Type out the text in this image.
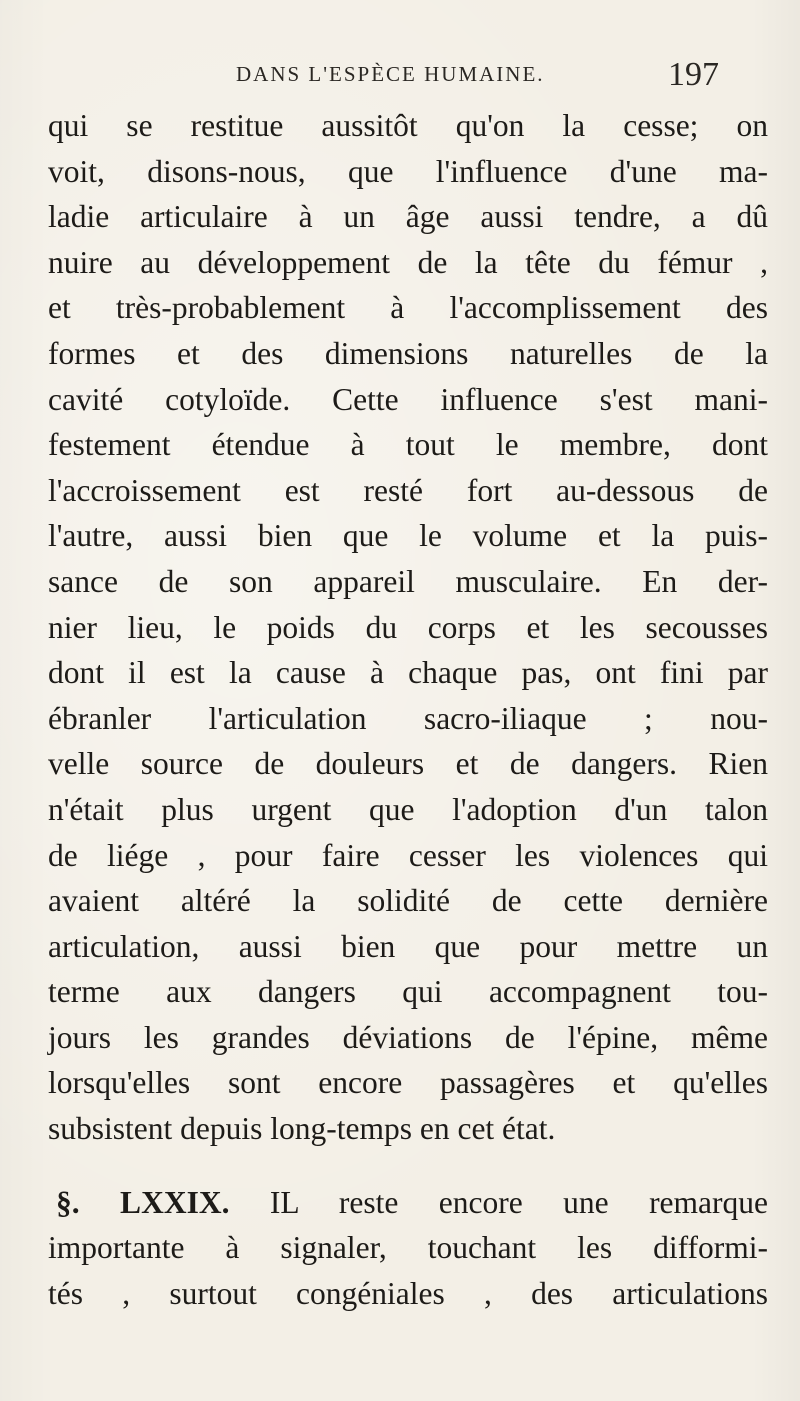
DANS L'ESPÈCE HUMAINE.	197
qui se restitue aussitôt qu'on la cesse; on
voit, disons-nous, que l'influence d'une ma-
ladie articulaire à un âge aussi tendre, a dû
nuire au développement de la tête du fémur ,
et très-probablement à l'accomplissement des
formes et des dimensions naturelles de la
cavité cotyloïde. Cette influence s'est mani-
festement étendue à tout le membre, dont
l'accroissement est resté fort au-dessous de
l'autre, aussi bien que le volume et la puis-
sance de son appareil musculaire. En der-
nier lieu, le poids du corps et les secousses
dont il est la cause à chaque pas, ont fini par
ébranler l'articulation sacro-iliaque ; nou-
velle source de douleurs et de dangers. Rien
n'était plus urgent que l'adoption d'un talon
de liége , pour faire cesser les violences qui
avaient altéré la solidité de cette dernière
articulation, aussi bien que pour mettre un
terme aux dangers qui accompagnent tou-
jours les grandes déviations de l'épine, même
lorsqu'elles sont encore passagères et qu'elles
subsistent depuis long-temps en cet état.
§. LXXIX. IL reste encore une remarque
importante à signaler, touchant les difformi-
tés , surtout congéniales , des articulations
